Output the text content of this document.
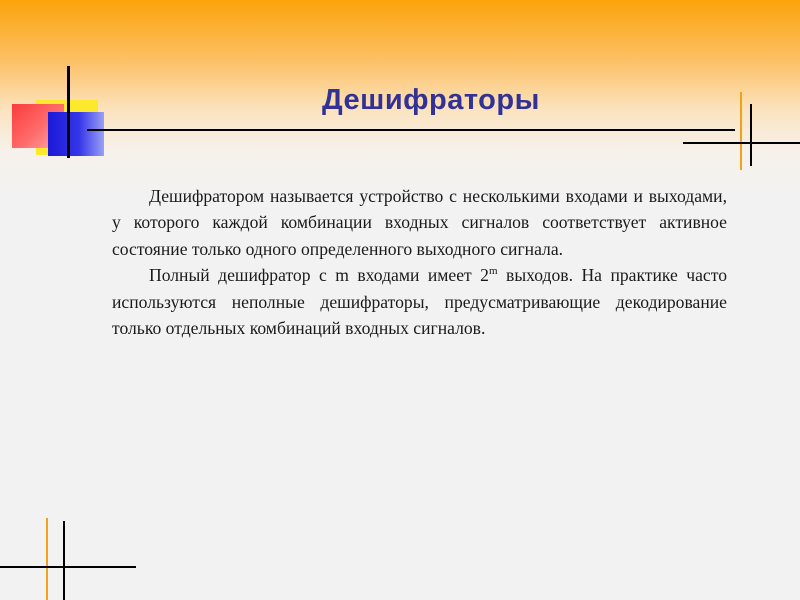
Дешифраторы

Дешифратором называется устройство с несколькими входами и выходами, у которого каждой комбинации входных сигналов соответствует активное состояние только одного определенного выходного сигнала.

Полный дешифратор с m входами имеет 2$^m$ выходов. На практике часто используются неполные дешифраторы, предусматривающие декодирование только отдельных комбинаций входных сигналов.
